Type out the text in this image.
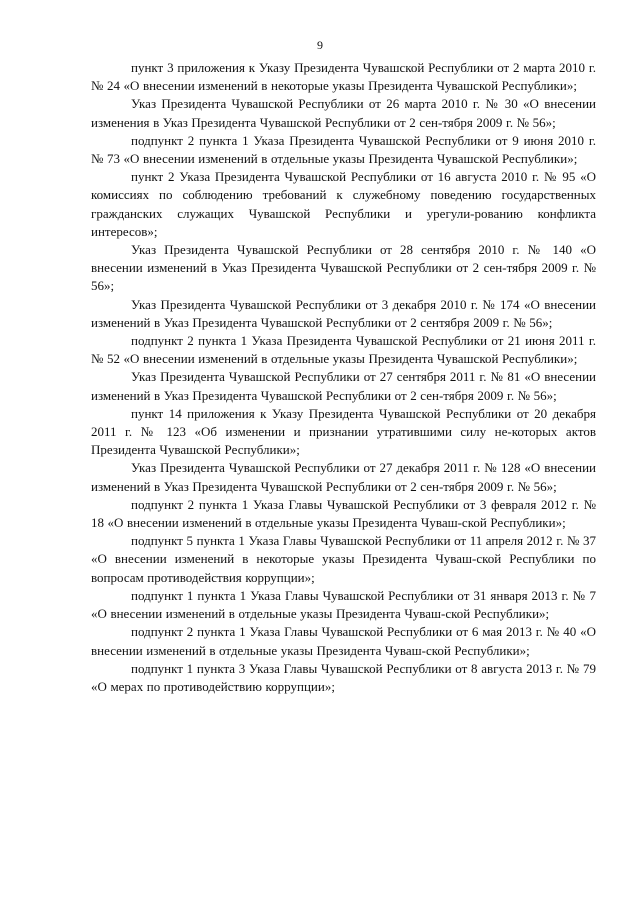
9

пункт 3 приложения к Указу Президента Чувашской Республики от 2 марта 2010 г. № 24 «О внесении изменений в некоторые указы Президента Чувашской Республики»;

Указ Президента Чувашской Республики от 26 марта 2010 г. № 30 «О внесении изменения в Указ Президента Чувашской Республики от 2 сен-тября 2009 г. № 56»;

подпункт 2 пункта 1 Указа Президента Чувашской Республики от 9 июня 2010 г. № 73 «О внесении изменений в отдельные указы Президента Чувашской Республики»;

пункт 2 Указа Президента Чувашской Республики от 16 августа 2010 г. № 95 «О комиссиях по соблюдению требований к служебному поведению государственных гражданских служащих Чувашской Республики и урегули-рованию конфликта интересов»;

Указ Президента Чувашской Республики от 28 сентября 2010 г. № 140 «О внесении изменений в Указ Президента Чувашской Республики от 2 сен-тября 2009 г. № 56»;

Указ Президента Чувашской Республики от 3 декабря 2010 г. № 174 «О внесении изменений в Указ Президента Чувашской Республики от 2 сентября 2009 г. № 56»;

подпункт 2 пункта 1 Указа Президента Чувашской Республики от 21 июня 2011 г. № 52 «О внесении изменений в отдельные указы Президента Чувашской Республики»;

Указ Президента Чувашской Республики от 27 сентября 2011 г. № 81 «О внесении изменений в Указ Президента Чувашской Республики от 2 сен-тября 2009 г. № 56»;

пункт 14 приложения к Указу Президента Чувашской Республики от 20 декабря 2011 г. № 123 «Об изменении и признании утратившими силу не-которых актов Президента Чувашской Республики»;

Указ Президента Чувашской Республики от 27 декабря 2011 г. № 128 «О внесении изменений в Указ Президента Чувашской Республики от 2 сен-тября 2009 г. № 56»;

подпункт 2 пункта 1 Указа Главы Чувашской Республики от 3 февраля 2012 г. № 18 «О внесении изменений в отдельные указы Президента Чуваш-ской Республики»;

подпункт 5 пункта 1 Указа Главы Чувашской Республики от 11 апреля 2012 г. № 37 «О внесении изменений в некоторые указы Президента Чуваш-ской Республики по вопросам противодействия коррупции»;

подпункт 1 пункта 1 Указа Главы Чувашской Республики от 31 января 2013 г. № 7 «О внесении изменений в отдельные указы Президента Чуваш-ской Республики»;

подпункт 2 пункта 1 Указа Главы Чувашской Республики от 6 мая 2013 г. № 40 «О внесении изменений в отдельные указы Президента Чуваш-ской Республики»;

подпункт 1 пункта 3 Указа Главы Чувашской Республики от 8 августа 2013 г. № 79 «О мерах по противодействию коррупции»;
